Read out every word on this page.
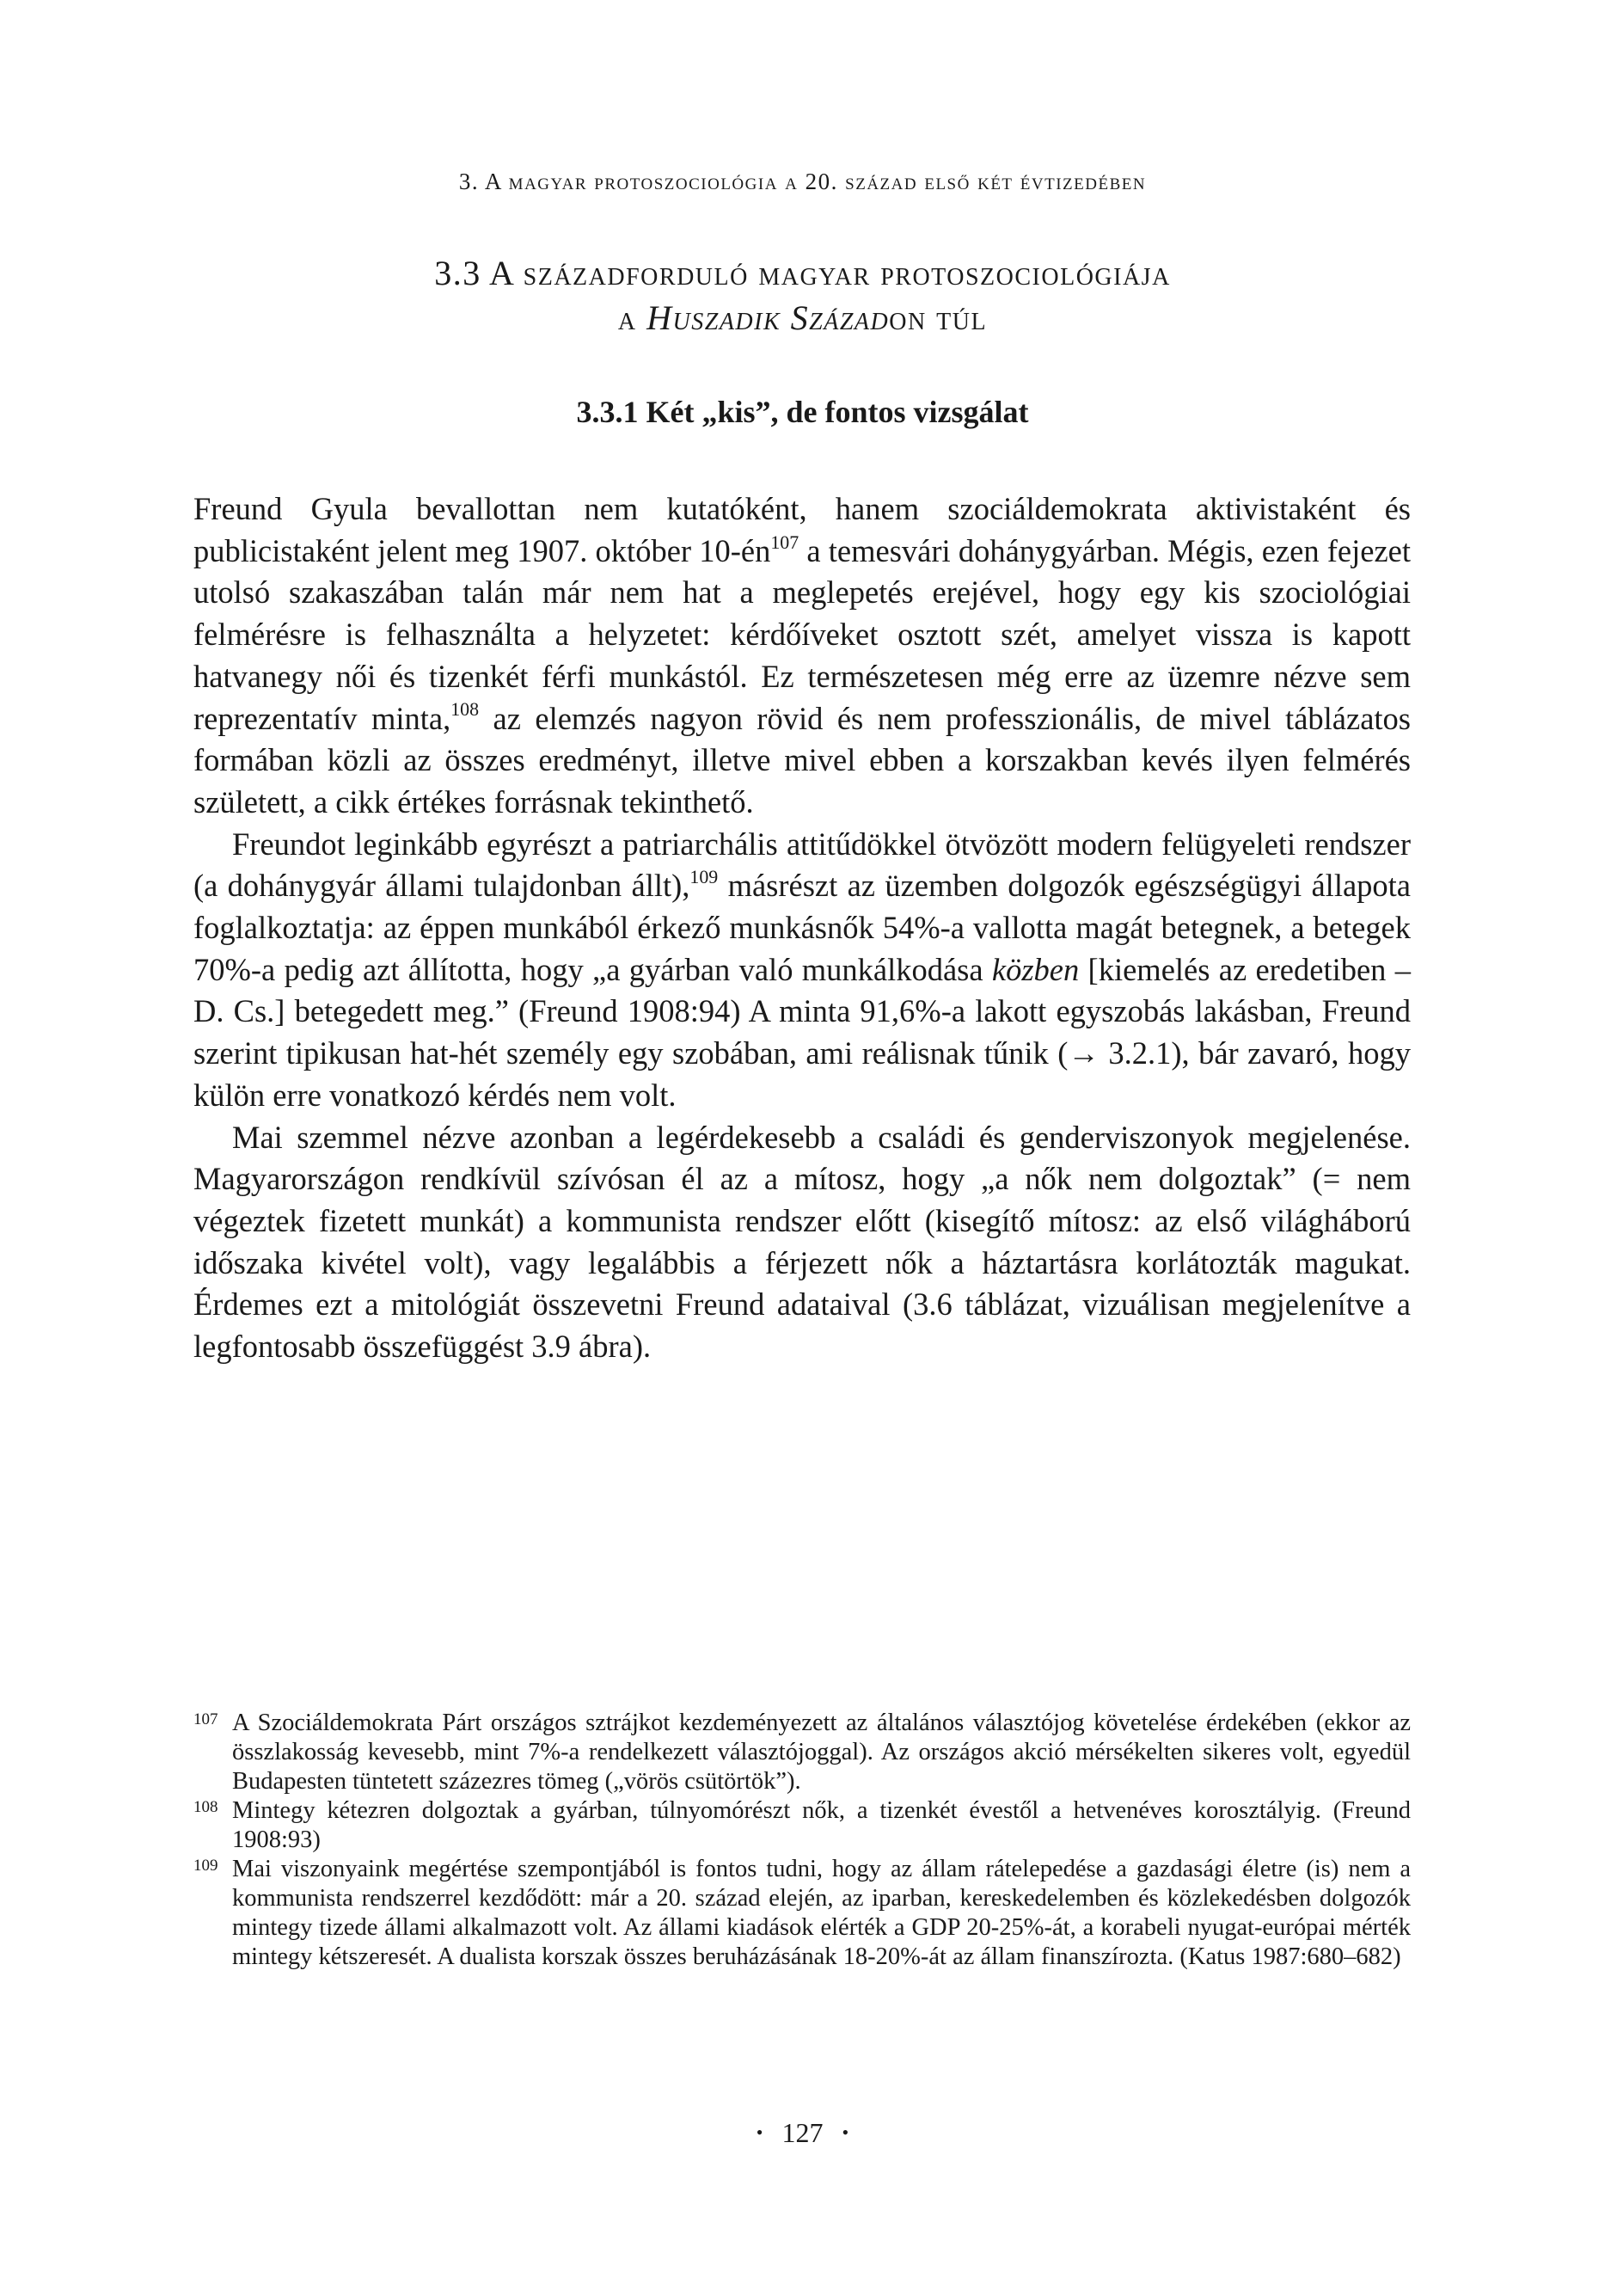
3. A magyar protoszociológia a 20. század első két évtizedében
3.3 A századforduló magyar protoszociológiája
a Huszadik Századon túl
3.3.1 Két „kis”, de fontos vizsgálat

Freund Gyula bevallottan nem kutatóként, hanem szociáldemokrata aktivistaként és publicistaként jelent meg 1907. október $10-én^{107}$ a temesvári dohánygyárban. Mégis, ezen fejezet utolsó szakaszában talán már nem hat a meglepetés erejével, hogy egy kis szociológiai felmérésre is felhasználta a helyzetet: kérdőíveket osztott szét, amelyet vissza is kapott hatvanegy női és tizenkét férfi munkástól. Ez természetesen még erre az üzemre nézve sem reprezentatív minta,$^{108}$ az elemzés nagyon rövid és nem professzionális, de mivel táblázatos formában közli az összes eredményt, illetve mivel ebben a korszakban kevés ilyen felmérés született, a cikk értékes forrásnak tekinthető.

Freundot leginkább egyrészt a patriarchális attitűdökkel ötvözött modern felügyeleti rendszer (a dohánygyár állami tulajdonban állt),$^{109}$ másrészt az üzemben dolgozók egészségügyi állapota foglalkoztatja: az éppen munkából érkező munkásnők 54%-a vallotta magát betegnek, a betegek 70%-a pedig azt állította, hogy „a gyárban való munkálkodása közben [kiemelés az eredetiben – D. Cs.] betegedett meg.” (Freund 1908:94) A minta 91,6%-a lakott egyszobás lakásban, Freund szerint tipikusan hat-hét személy egy szobában, ami reálisnak tűnik (→ 3.2.1), bár zavaró, hogy külön erre vonatkozó kérdés nem volt.

Mai szemmel nézve azonban a legérdekesebb a családi és genderviszonyok megjelenése. Magyarországon rendkívül szívósan él az a mítosz, hogy „a nők nem dolgoztak” (= nem végeztek fizetett munkát) a kommunista rendszer előtt (kisegítő mítosz: az első világháború időszaka kivétel volt), vagy legalábbis a férjezett nők a háztartásra korlátozták magukat. Érdemes ezt a mitológiát összevetni Freund adataival (3.6 táblázat, vizuálisan megjelenítve a legfontosabb összefüggést 3.9 ábra).

107 A Szociáldemokrata Párt országos sztrájkot kezdeményezett az általános választójog követelése érdekében (ekkor az összlakosság kevesebb, mint 7%-a rendelkezett választójoggal). Az országos akció mérsékelten sikeres volt, egyedül Budapesten tüntetett százezres tömeg („vörös csütörtök”).
108 Mintegy kétezren dolgoztak a gyárban, túlnyomórészt nők, a tizenkét évestől a hetvenéves korosztályig. (Freund 1908:93)
109 Mai viszonyaink megértése szempontjából is fontos tudni, hogy az állam rátelepedése a gazdasági életre (is) nem a kommunista rendszerrel kezdődött: már a 20. század elején, az iparban, kereskedelemben és közlekedésben dolgozók mintegy tizede állami alkalmazott volt. Az állami kiadások elérték a GDP 20-25%-át, a korabeli nyugat-európai mérték mintegy kétszeresét. A dualista korszak összes beruházásának 18-20%-át az állam finanszírozta. (Katus 1987:680–682)
• 127 •
